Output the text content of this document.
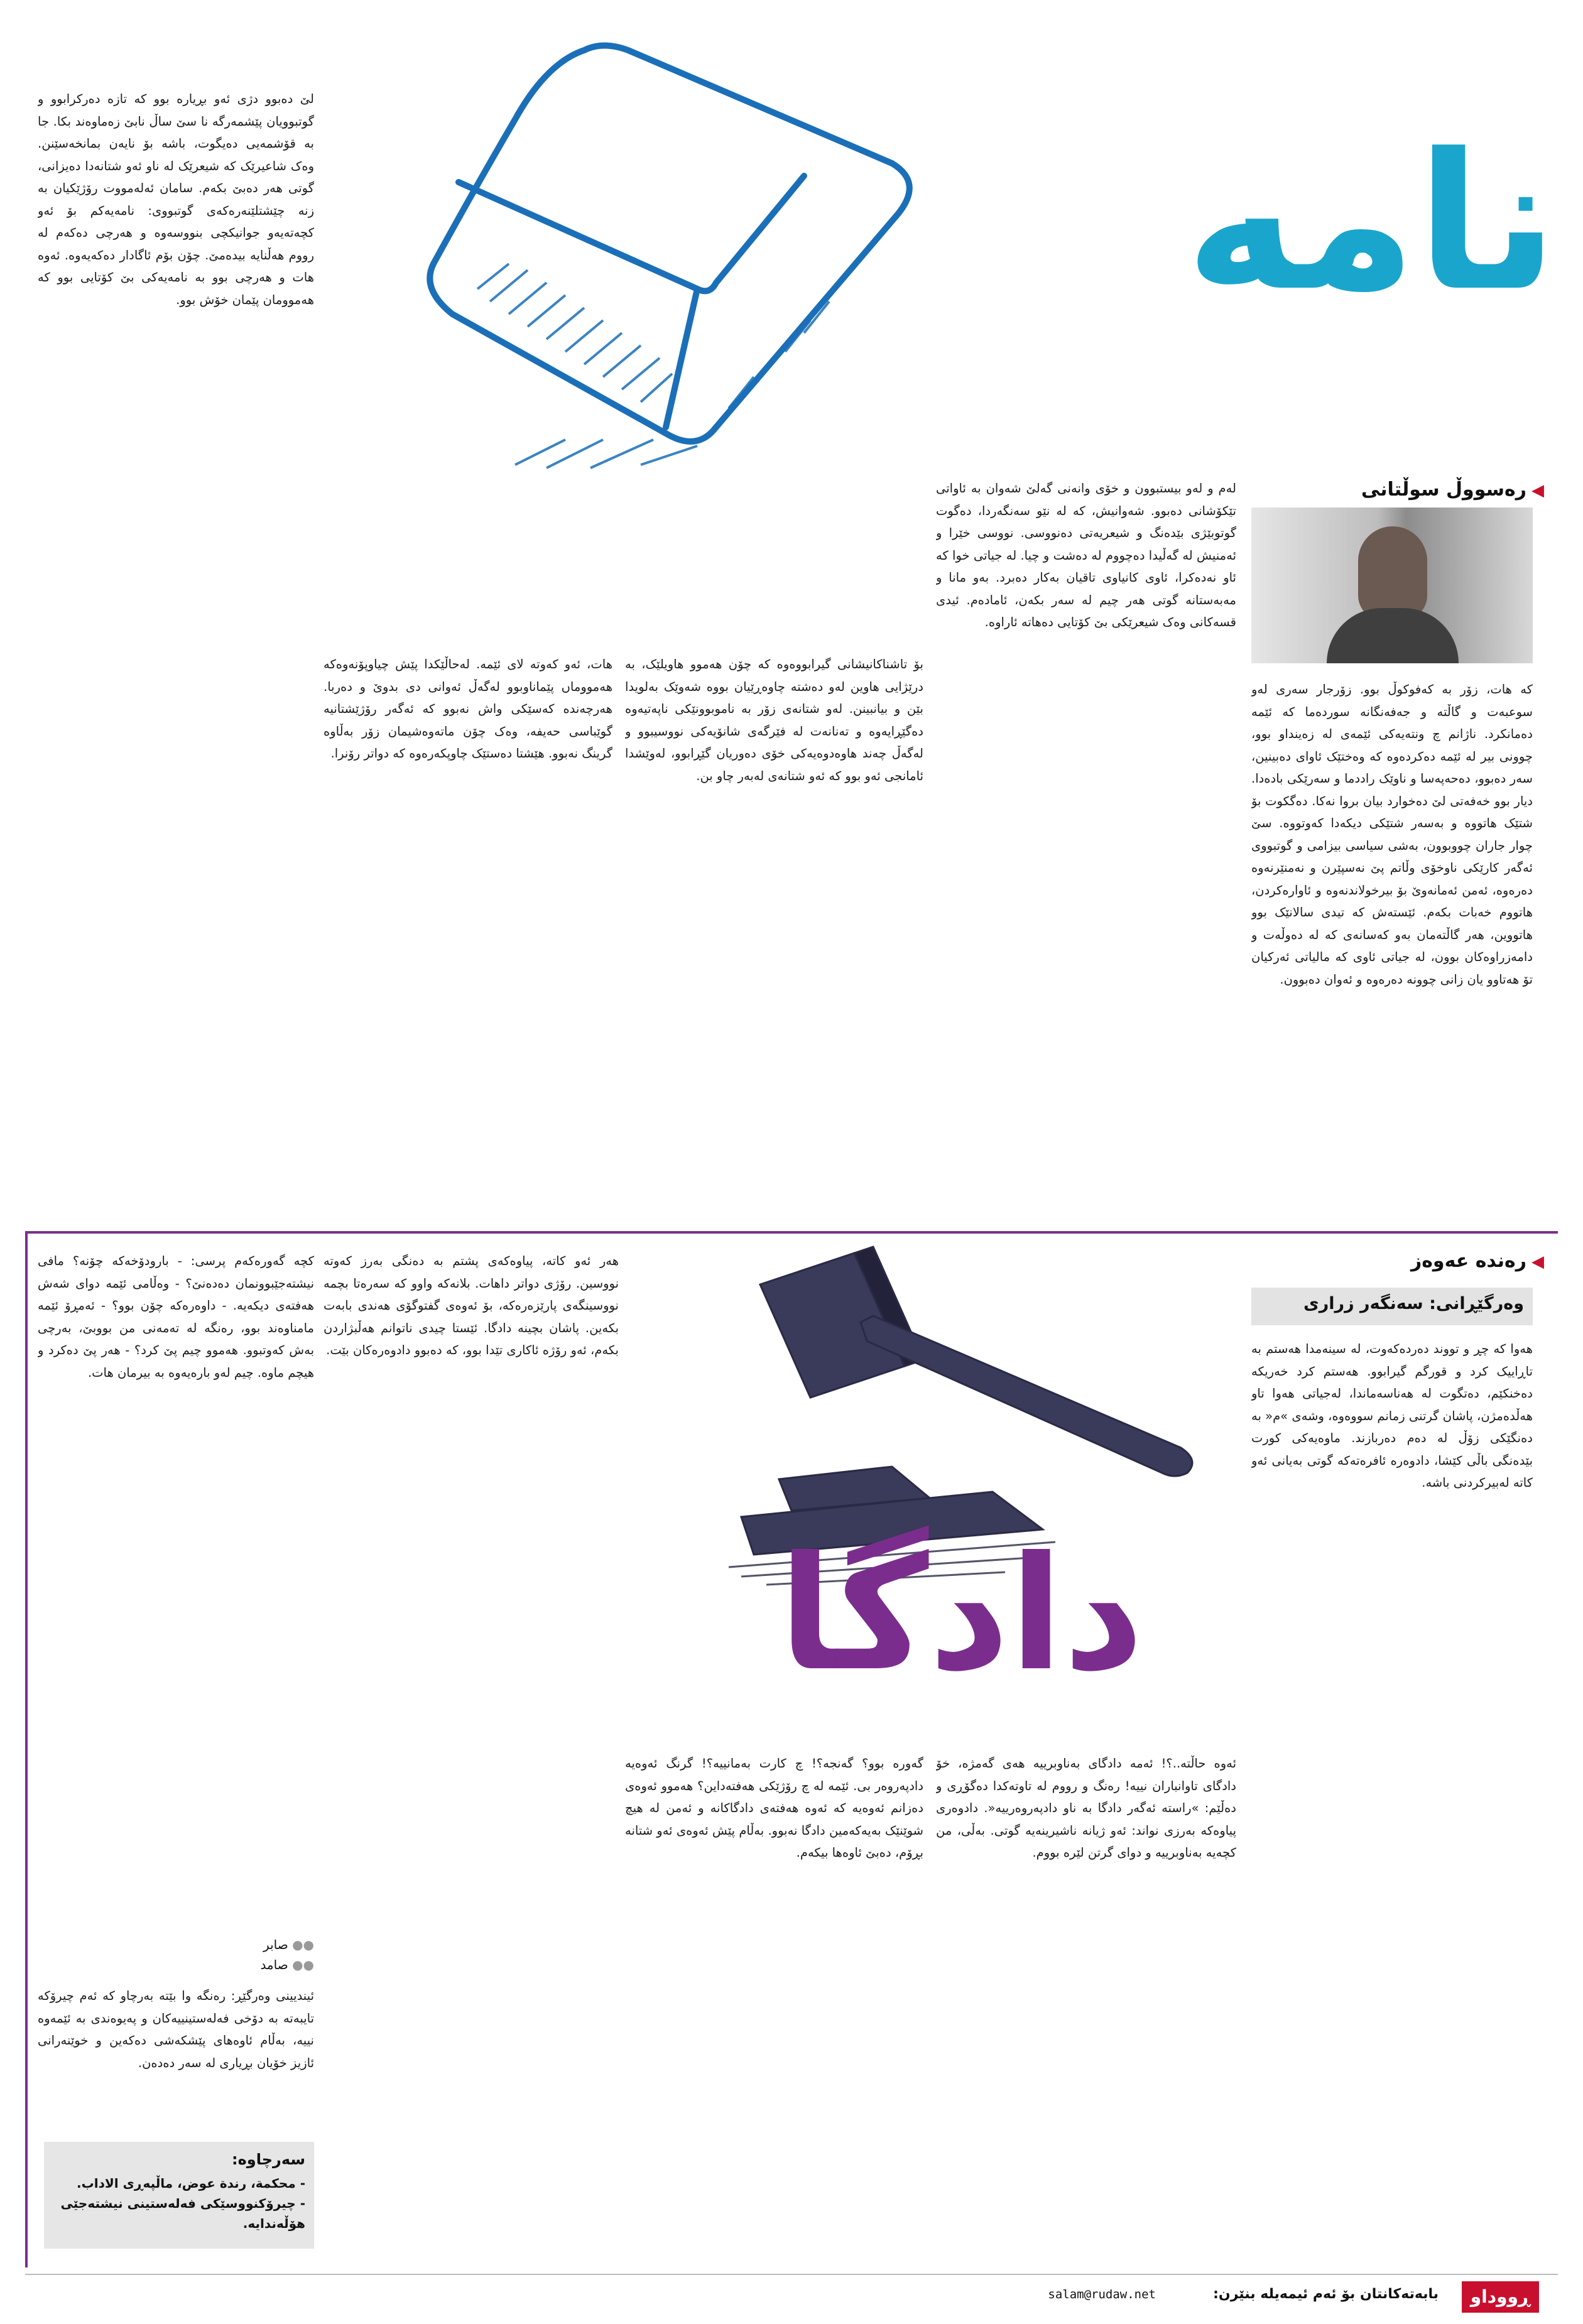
نامە
◀رەسووڵ سوڵتانی
کە هات، زۆر بە کەفوکوڵ بوو. زۆرجار سەری لەو سوعبەت و گاڵتە و جەفەنگانە سوردەما کە ئێمە دەمانکرد. ناژانم چ ونتەیەکی ئێمەی لە زەینداو بوو، چوونی بیر لە ئێمە دەکردەوە کە وەختێک ئاوای دەبینین، سەر دەبوو، دەحەپەسا و ناوێک راددما و سەرێکی بادەدا. دیار بوو خەفەتی لێ دەخوارد بیان بروا نەکا. دەگکوت بۆ شتێک هاتووە و بەسەر شتێکی دیکەدا کەوتووە. سێ چوار جاران چووبوون، بەشی سیاسی بیزامی و گوتبووی ئەگەر کارێکی ناوخۆی وڵاتم پێ نەسپێرن و نەمنێرنەوە دەرەوە، ئەمن ئەمانەوێ بۆ بیرخولاندنەوە و ئاوارەکردن، هاتووم خەبات بکەم. ئێستەش کە تیدی سالانێک بوو هاتووین، هەر گاڵتەمان بەو کەسانەی کە لە دەوڵەت و دامەزراوەکان بوون، لە جیاتی ئاوی کە مالیاتی ئەرکیان تۆ هەتاوو یان زانی چوونە دەرەوە و ئەوان دەبوون.
لەم و لەو بیستبوون و خۆی وانەنی گەلێ شەوان بە ئاواتی تێکۆشانی دەبوو. شەوانیش، کە لە نێو سەنگەردا، دەگوت گوتوبێژی بێدەنگ و شیعریەتی دەنووسی. نووسی خێرا و ئەمنیش لە گەڵیدا دەچووم لە دەشت و چیا. لە جیاتی خوا کە ئاو نەدەکرا، ئاوی کانیاوی تاقیان بەکار دەبرد. بەو مانا و مەبەستانە گوتی هەر چیم لە سەر بکەن، ئامادەم. ئیدی قسەکانی وەک شیعرێکی بێ کۆتایی دەهاتە ئاراوە.
بۆ تاشناکانیشانی گیرابووەوە کە چۆن هەموو هاویلێک، بە درێژایی هاوین لەو دەشتە چاوەڕێیان بووە شەوێک بەلویدا بێن و بیانبینن. لەو شتانەی زۆر بە ناموبوونێکی ناپەتیەوە دەگێڕایەوە و تەنانەت لە فێرگەی شانۆیەکی نووسیبوو و لەگەڵ چەند هاوەدوەیەکی خۆی دەوریان گێڕابوو، لەوێشدا ئامانجی ئەو بوو کە ئەو شتانەی لەبەر چاو بن.
هات، ئەو کەوتە لای ئێمە. لەحاڵێکدا پێش چیاوپۆنەوەکە هەمووماں پێماناوبوو لەگەڵ ئەوانی دی بدوێ و دەربا. هەرچەندە کەسێکی واش نەبوو کە ئەگەر رۆژێشتانیە گوێباسی حەیفە، وەک چۆن ماتەوەشیمان زۆر بەڵاوە گرینگ نەبوو. هێشتا دەستێک چاوپکەرەوە کە دواتر رۆنرا.
لێ دەبوو دژی ئەو بڕیارە بوو کە تازە دەرکرابوو و گوتبوویان پێشمەرگە نا سێ ساڵ نابێ زەماوەند بکا. جا بە قۆشمەیی دەیگوت، باشە بۆ نایەن بمانخەسێنن. وەک شاعیرێک کە شیعرێک لە ناو ئەو شتانەدا دەیزانی، گوتی هەر دەبێ بکەم. سامان ئەلەمووت رۆژێکیان بە زنە چێشتلێنەرەکەی گوتبووی: نامەیەکم بۆ ئەو کچەتەیەو جوانیکچی بنووسەوە و هەرچی دەکەم لە رووم هەڵنایە بیدەمێ. چۆن بۆم ئاگادار دەکەیەوە. ئەوە هات و هەرچی بوو بە نامەیەکی بێ کۆتایی بوو کە هەموومان پێمان خۆش بوو.
◀رەندە عەوەز
وەرگێڕانی: سەنگەر زراری
دادگا
هەوا کە چڕ و تووند دەردەکەوت، لە سینەمدا هەستم بە تاڕاییک کرد و قورگم گیرابوو. هەستم کرد خەریکە دەخنکێم، دەتگوت لە هەناسەماندا، لەجیاتی هەوا تاو هەڵدەمژن، پاشان گرتنی زمانم سووەوە، وشەی »م« بە دەنگێکی زۆڵ لە دەم دەربازند. ماوەیەکی کورت بێدەنگی باڵی کێشا، دادوەرە ئافرەتەکە گوتی بەیانی ئەو کاتە لەبیرکردنی باشە.
ئەوە حاڵتە..؟! ئەمە دادگای بەناوبرییە هەی گەمژە، خۆ دادگای تاوانباران نییە! رەنگ و رووم لە تاوتەکدا دەگۆڕی و دەڵێم: »راستە ئەگەر دادگا بە ناو دادپەروەرییە«. دادوەری پیاوەکە بەرزی نواند: ئەو ژیانە ناشیرینەیە گوتی. بەڵی، من کچەیە بەناوبرییە و دوای گرتن لێرە بووم.
هەر ئەو کاتە، پیاوەکەی پشتم بە دەنگی بەرز کەوتە نووسین. رۆژی دواتر داهات. بلانەکە واوو کە سەرەتا بچمە نووسینگەی پارێزەرەکە، بۆ ئەوەی گفتوگۆی هەندی بابەت بکەین. پاشان بچینە دادگا. ئێستا چیدی ناتوانم هەڵبژاردن بکەم، ئەو رۆژە ئاکاری تێدا بوو، کە دەبوو دادوەرەکان بێت.
گەورە بوو؟ گەنجە؟! چ کارت بەمانییە؟! گرنگ ئەوەیە دادپەروەر بی. ئێمە لە چ رۆژێکی هەفتەداین؟ هەموو ئەوەی دەزانم ئەوەیە کە ئەوە هەفتەی دادگاکانە و ئەمن لە هیچ شوێنێک بەیەکەمین دادگا نەبوو. بەڵام پێش ئەوەی ئەو شتانە بڕۆم، دەبێ ئاوەها بیکەم.
کچە گەورەکەم پرسی: - بارودۆخەکە چۆنە؟ مافی نیشتەجێبوونمان دەدەنێ؟ - وەڵامی ئێمە دوای شەش هەفتەی دیکەیە. - داوەرەکە چۆن بوو؟ - ئەمڕۆ ئێمە مامناوەند بوو، رەنگە لە تەمەنی من بووبێ، بەرچی بەش کەوتبوو. هەموو چیم پێ کرد؟ - هەر پێ دەکرد و هیچم ماوە. چیم لەو بارەیەوە بە بیرمان هات.
●● صابر
●● صامد
ئیندیینی وەرگێڕ: رەنگە وا بێتە بەرچاو کە ئەم چیرۆکە تایبەتە بە دۆخی فەلەستینییەکان و پەیوەندی بە ئێمەوە نییە، بەڵام ئاوەهای پێشکەشی دەکەین و خوێنەرانی ئازیز خۆیان بڕیاری لە سەر دەدەن.
سەرچاوە:
- محكمة، رندة عوض، ماڵپەڕی الاداب.
- چیرۆکنووسێکی فەلەستینی نیشتەجێی هۆڵەندایە.
ڕووداو
بابەتەکانتان بۆ ئەم ئیمەیلە بنێرن:
salam@rudaw.net
